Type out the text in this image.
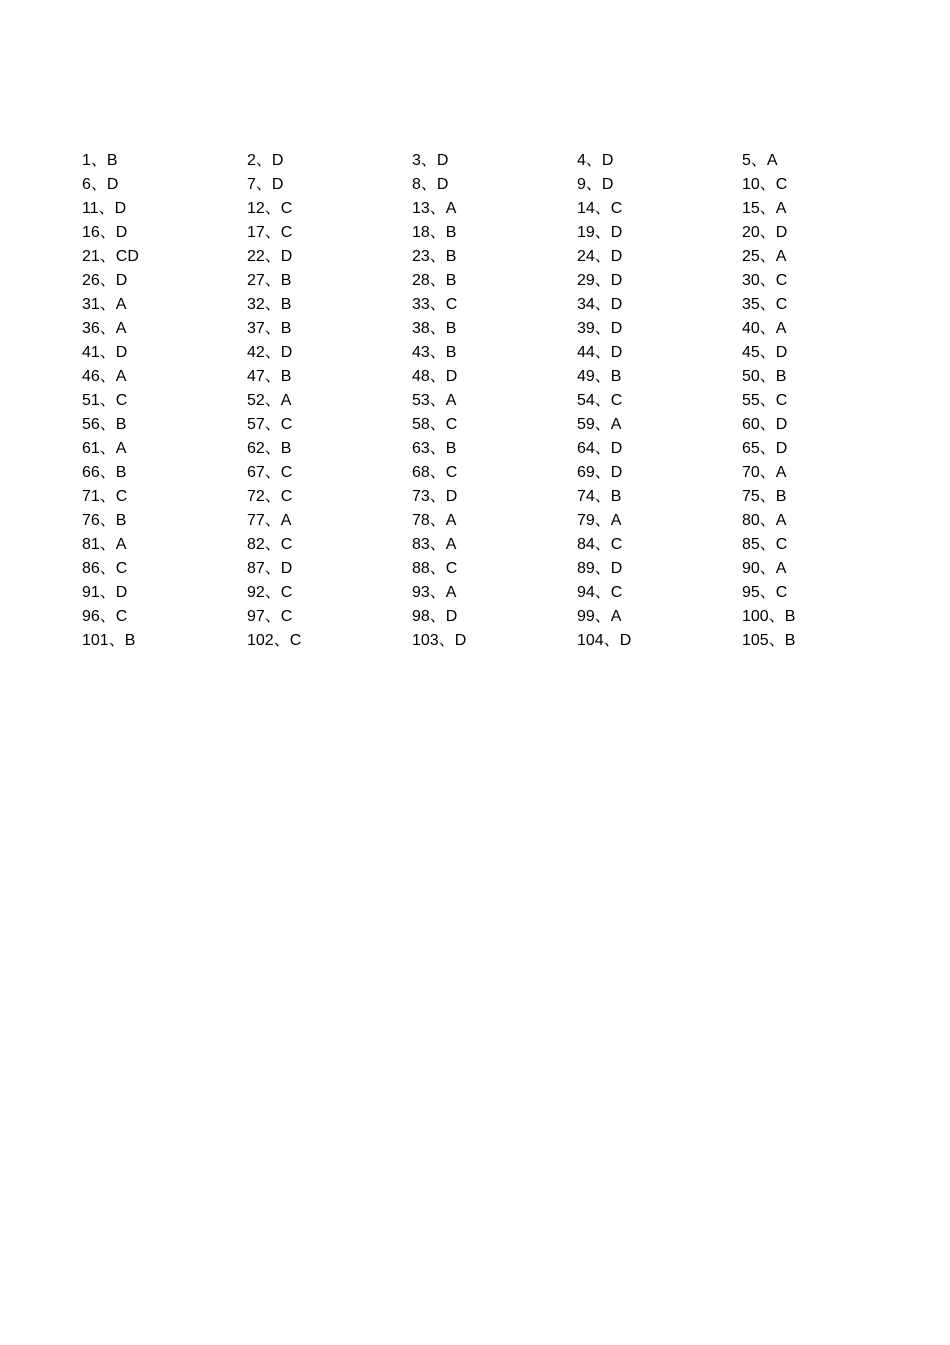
1、B	2、D	3、D	4、D	5、A
6、D	7、D	8、D	9、D	10、C
11、D	12、C	13、A	14、C	15、A
16、D	17、C	18、B	19、D	20、D
21、CD	22、D	23、B	24、D	25、A
26、D	27、B	28、B	29、D	30、C
31、A	32、B	33、C	34、D	35、C
36、A	37、B	38、B	39、D	40、A
41、D	42、D	43、B	44、D	45、D
46、A	47、B	48、D	49、B	50、B
51、C	52、A	53、A	54、C	55、C
56、B	57、C	58、C	59、A	60、D
61、A	62、B	63、B	64、D	65、D
66、B	67、C	68、C	69、D	70、A
71、C	72、C	73、D	74、B	75、B
76、B	77、A	78、A	79、A	80、A
81、A	82、C	83、A	84、C	85、C
86、C	87、D	88、C	89、D	90、A
91、D	92、C	93、A	94、C	95、C
96、C	97、C	98、D	99、A	100、B
101、B	102、C	103、D	104、D	105、B
